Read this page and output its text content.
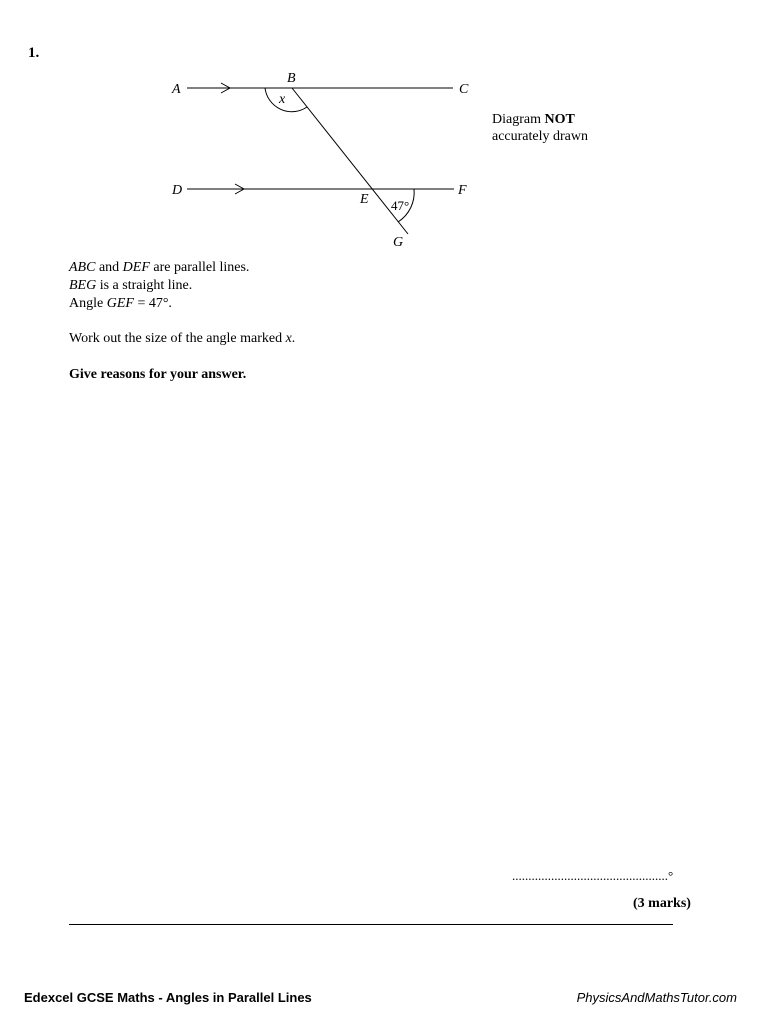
1.
A
B
C
D
E
F
G
x
47°
Diagram NOT
accurately drawn
ABC and DEF are parallel lines.
BEG is a straight line.
Angle GEF = 47°.
Work out the size of the angle marked x.
Give reasons for your answer.
................................................°
(3 marks)
Edexcel GCSE Maths - Angles in Parallel Lines	PhysicsAndMathsTutor.com
